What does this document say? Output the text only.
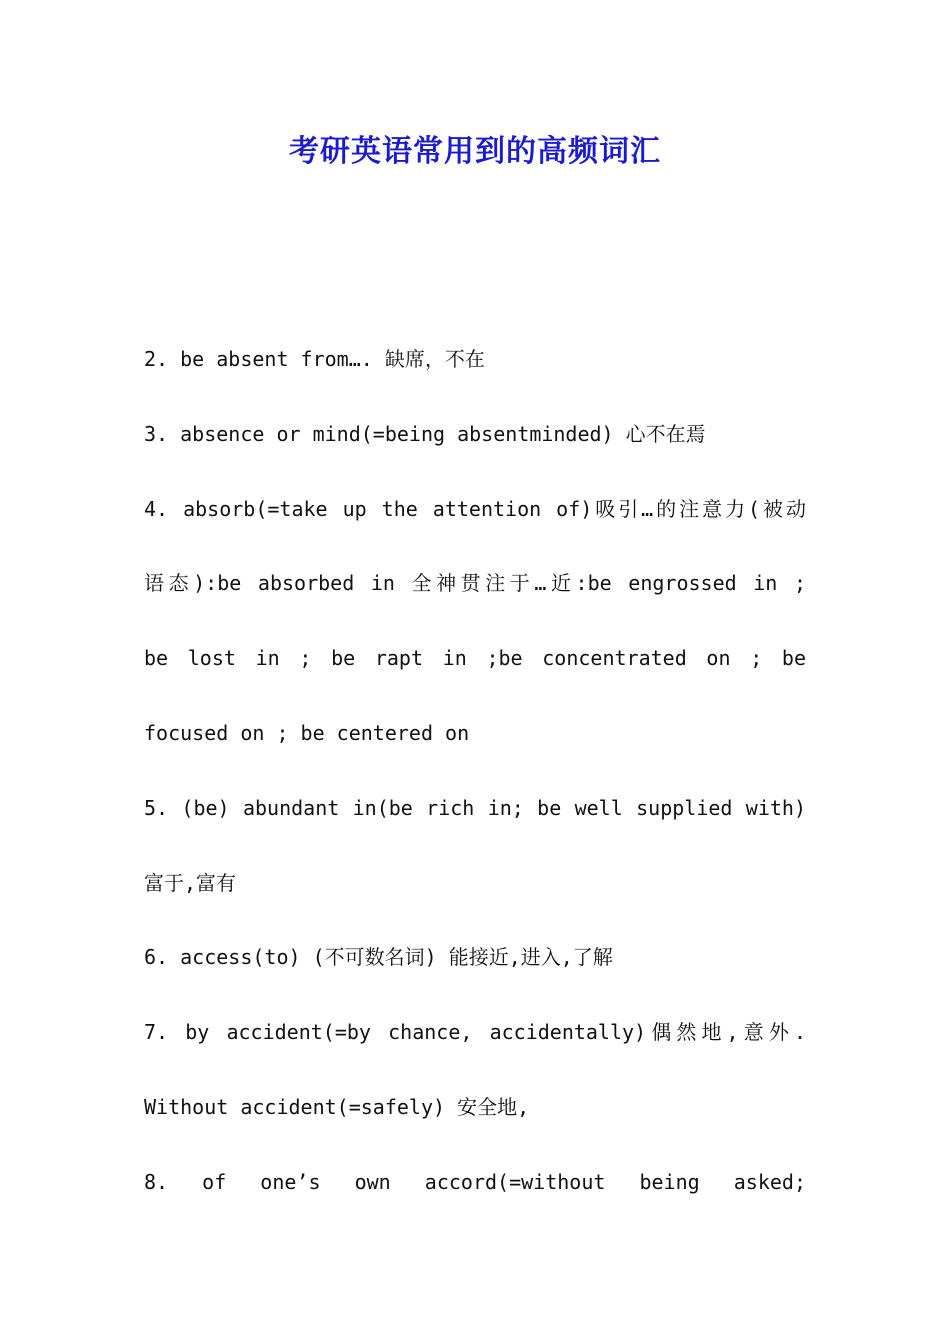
考研英语常用到的高频词汇
2. be absent from…. 缺席，不在
3. absence or mind(=being absentminded) 心不在焉
4. absorb(=take up the attention of)吸引…的注意力(被动
语态):be absorbed in 全神贯注于…近:be engrossed in ;
be lost in ; be rapt in ;be concentrated on ; be
focused on ; be centered on
5. (be) abundant in(be rich in; be well supplied with)
富于,富有
6. access(to) (不可数名词) 能接近,进入,了解
7. by accident(=by chance, accidentally)偶然地,意外.
Without accident(=safely) 安全地,
8. of one’s own accord(=without being asked;
